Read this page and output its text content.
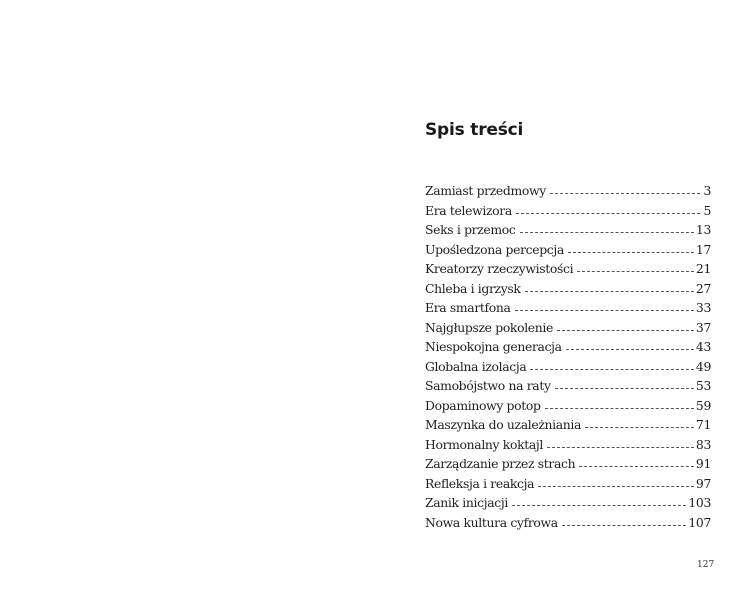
Spis treści
Zamiast przedmowy	3
Era telewizora	5
Seks i przemoc	13
Upośledzona percepcja	17
Kreatorzy rzeczywistości	21
Chleba i igrzysk	27
Era smartfona	33
Najgłupsze pokolenie	37
Niespokojna generacja	43
Globalna izolacja	49
Samobójstwo na raty	53
Dopaminowy potop	59
Maszynka do uzależniania	71
Hormonalny koktajl	83
Zarządzanie przez strach	91
Refleksja i reakcja	97
Zanik inicjacji	103
Nowa kultura cyfrowa	107
127
